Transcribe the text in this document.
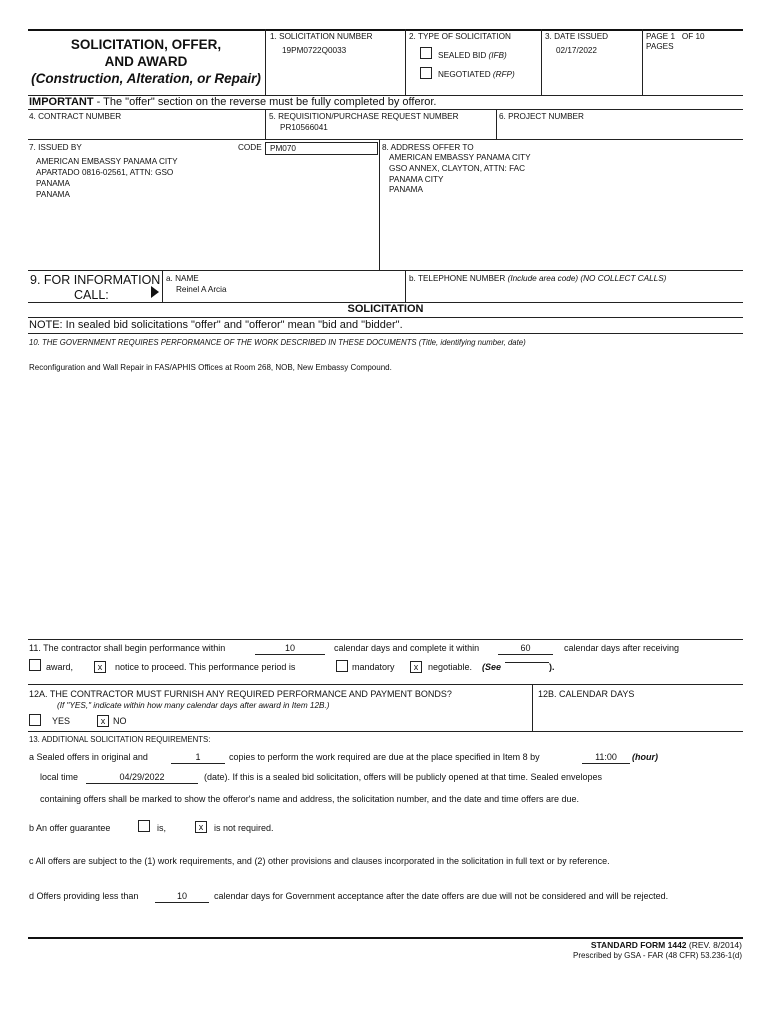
SOLICITATION, OFFER,
AND AWARD
(Construction, Alteration, or Repair)
1. SOLICITATION NUMBER
19PM0722Q0033
2. TYPE OF SOLICITATION
SEALED BID (IFB)
NEGOTIATED (RFP)
3. DATE ISSUED
02/17/2022
PAGE 1 OF 10
PAGES
IMPORTANT - The "offer" section on the reverse must be fully completed by offeror.
4. CONTRACT NUMBER	5. REQUISITION/PURCHASE REQUEST NUMBER
PR10566041
6. PROJECT NUMBER
7. ISSUED BY	CODE PM070
AMERICAN EMBASSY PANAMA CITY
APARTADO 0816-02561, ATTN: GSO
PANAMA
PANAMA
8. ADDRESS OFFER TO
AMERICAN EMBASSY PANAMA CITY
GSO ANNEX, CLAYTON, ATTN: FAC
PANAMA CITY
PANAMA
9. FOR INFORMATION
CALL:
a. NAME
Reinel A Arcia
b. TELEPHONE NUMBER (Include area code) (NO COLLECT CALLS)
SOLICITATION
NOTE: In sealed bid solicitations "offer" and "offeror" mean "bid and "bidder".
10. THE GOVERNMENT REQUIRES PERFORMANCE OF THE WORK DESCRIBED IN THESE DOCUMENTS (Title, identifying number, date)
Reconfiguration and Wall Repair in FAS/APHIS Offices at Room 268, NOB, New Embassy Compound.
11. The contractor shall begin performance within	10	calendar days and complete it within	60	calendar days after receiving
award,	x	notice to proceed. This performance period is	mandatory	x	negotiable. (See	).
12A. THE CONTRACTOR MUST FURNISH ANY REQUIRED PERFORMANCE AND PAYMENT BONDS?
(If "YES," indicate within how many calendar days after award in Item 12B.)
YES	x NO
12B. CALENDAR DAYS
13. ADDITIONAL SOLICITATION REQUIREMENTS:
a Sealed offers in original and	1	copies to perform the work required are due at the place specified in Item 8 by	11:00	(hour)
local time	04/29/2022	(date). If this is a sealed bid solicitation, offers will be publicly opened at that time. Sealed envelopes
containing offers shall be marked to show the offeror's name and address, the solicitation number, and the date and time offers are due.
b An offer guarantee	is,	x	is not required.
c All offers are subject to the (1) work requirements, and (2) other provisions and clauses incorporated in the solicitation in full text or by reference.
d Offers providing less than	10	calendar days for Government acceptance after the date offers are due will not be considered and will be rejected.
STANDARD FORM 1442 (REV. 8/2014)
Prescribed by GSA - FAR (48 CFR) 53.236-1(d)
